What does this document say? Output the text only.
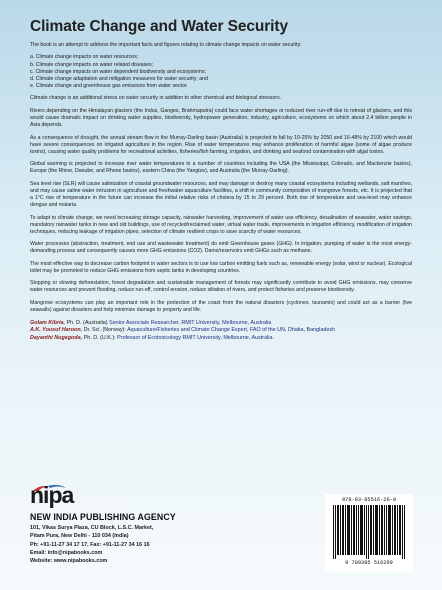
Climate Change and Water Security

The book is an attempt to address the important facts and figures relating to climate change impacts on water security:

a. Climate change impacts on water resources;
b. Climate change impacts on water related diseases;
c. Climate change impacts on water dependent biodiversity and ecosystems;
d. Climate change adaptation and mitigation measures for water security; and
e. Climate change and greenhouse gas emissions from water sector.

Climate change is an additional stress on water security in addition to other chemical and biological stressors.

Rivers depending on the Himalayan glaciers (the Indus, Ganges, Brahmaputra) could face water shortages or reduced river run-off due to retreat of glaciers, and this would cause dramatic impact on drinking water supplies, biodiversity, hydropower generation, industry, agriculture, ecosystems on which about 2.4 billion people in Asia depends.

As a consequence of drought, the annual stream flow in the Murray-Darling basin (Australia) is projected to fall by 10-25% by 2050 and 16-48% by 2100 which would have severe consequences on irrigated agriculture in the region. Rise of water temperatures may enhance proliferation of harmful algae (some of algae produce toxins), causing water quality problems for recreational activities, fisheries/fish farming, irrigation, and drinking and seafood contamination with algal toxins.

Global warming is projected to increase river water temperatures in a number of countries including the USA (the Mississippi, Colorado, and Mackenzie basins), Europe (the Rhine, Danube, and Rhone basins), eastern China (the Yangtze), and Australia (the Murray-Darling).

Sea level rise (SLR) will cause salinization of coastal groundwater resources, and may damage or destroy many coastal ecosystems including wetlands, salt marshes, and may cause saline water intrusion in agriculture and freshwater aquaculture facilities, a shift in community composition of mangrove forests, etc. It is projected that a 1°C rise of temperature in the future can increase the initial relative risks of cholera by 15 to 29 percent. Both rise of temperature and sea-level may enhance dengue and malaria.

To adapt to climate change, we need increasing storage capacity, rainwater harvesting, improvement of water use efficiency, desalination of seawater, water savings, mandatory rainwater tanks in new and old buildings, use of recycled/reclaimed water, virtual water trade, improvements in irrigation efficiency, modification of irrigation techniques, reducing leakage of irrigation pipes, selection of climate resilient crops to save scarcity of water resources.

Water processes (abstraction, treatment, end use and wastewater treatment) do emit Greenhouse gases (GHG). In irrigation, pumping of water is the most energy-demanding process and consequently causes more GHG emissions (CO2). Dams/reservoirs emit GHGs such as methane.

The most effective way to decrease carbon footprint in water sectors is to use low carbon emitting fuels such as, renewable energy (solar, wind or nuclear). Ecological toilet may be promoted to reduce GHG emissions from septic tanks in developing countries.

Stopping or slowing deforestation, forest degradation and sustainable management of forests may significantly contribute to avoid GHG emissions, may conserve water resources and prevent flooding, reduce run-off, control erosion, reduce siltation of rivers, and protect fisheries and preserve biodiversity.

Mangrove ecosystems can play an important role in the protection of the coast from the natural disasters (cyclones, tsunamis) and could act as a barrier (live seawalls) against disasters and help minimize damage to property and life.

Golam Kibria, Ph. D. (Australia) Senior Associate Researcher, RMIT University, Melbourne, Australia
A.K. Yousuf Haroon, Dr. Sci. (Norway): Aquaculture/Fisheries and Climate Change Expert, FAO of the UN, Dhaka, Bangladesh
Dayanthi Nugegoda, Ph. D. (U.K.): Professor of Ecotoxicology RMIT University, Melbourne, Australia.
nipa
NEW INDIA PUBLISHING AGENCY
101, Vikas Surya Plaza, CU Block, L.S.C. Market,
Pitam Pura, New Delhi - 110 034 (India)
Ph: +91-11-27 34 17 17, Fax: +91-11-27 34 16 16
Email: info@nipabooks.com
Website: www.nipabooks.com
978-93-85516-26-9
9 789385 516269
